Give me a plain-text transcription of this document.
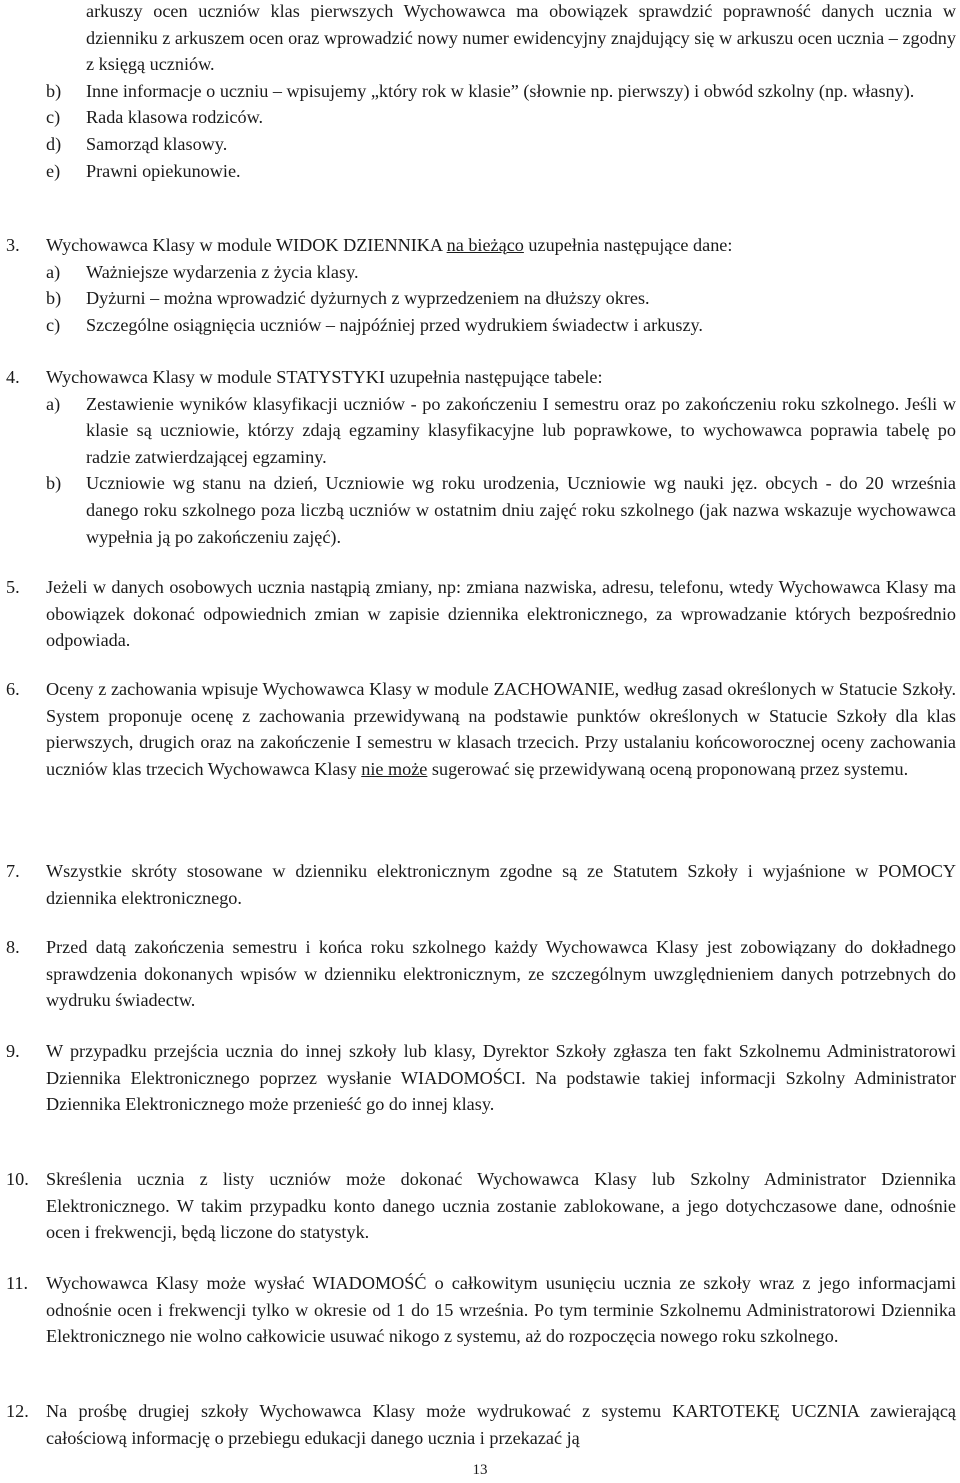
arkuszy ocen uczniów klas pierwszych Wychowawca ma obowiązek sprawdzić poprawność danych ucznia w dzienniku z arkuszem ocen oraz wprowadzić nowy numer ewidencyjny znajdujący się w arkuszu ocen ucznia – zgodny z księgą uczniów.
b) Inne informacje o uczniu – wpisujemy „który rok w klasie” (słownie np. pierwszy) i obwód szkolny (np. własny).
c) Rada klasowa rodziców.
d) Samorząd klasowy.
e) Prawni opiekunowie.
3. Wychowawca Klasy w module WIDOK DZIENNIKA na bieżąco uzupełnia następujące dane:
a) Ważniejsze wydarzenia z życia klasy.
b) Dyżurni – można wprowadzić dyżurnych z wyprzedzeniem na dłuższy okres.
c) Szczególne osiągnięcia uczniów – najpóźniej przed wydrukiem świadectw i arkuszy.
4. Wychowawca Klasy w module STATYSTYKI uzupełnia następujące tabele:
a) Zestawienie wyników klasyfikacji uczniów - po zakończeniu I semestru oraz po zakończeniu roku szkolnego. Jeśli w klasie są uczniowie, którzy zdają egzaminy klasyfikacyjne lub poprawkowe, to wychowawca poprawia tabelę po radzie zatwierdzającej egzaminy.
b) Uczniowie wg stanu na dzień, Uczniowie wg roku urodzenia, Uczniowie wg nauki jęz. obcych - do 20 września danego roku szkolnego poza liczbą uczniów w ostatnim dniu zajęć roku szkolnego (jak nazwa wskazuje wychowawca wypełnia ją po zakończeniu zajęć).
5. Jeżeli w danych osobowych ucznia nastąpią zmiany, np: zmiana nazwiska, adresu, telefonu, wtedy Wychowawca Klasy ma obowiązek dokonać odpowiednich zmian w zapisie dziennika elektronicznego, za wprowadzanie których bezpośrednio odpowiada.
6. Oceny z zachowania wpisuje Wychowawca Klasy w module ZACHOWANIE, według zasad określonych w Statucie Szkoły. System proponuje ocenę z zachowania przewidywaną na podstawie punktów określonych w Statucie Szkoły dla klas pierwszych, drugich oraz na zakończenie I semestru w klasach trzecich. Przy ustalaniu końcoworocznej oceny zachowania uczniów klas trzecich Wychowawca Klasy nie może sugerować się przewidywaną oceną proponowaną przez systemu.
7. Wszystkie skróty stosowane w dzienniku elektronicznym zgodne są ze Statutem Szkoły i wyjaśnione w POMOCY dziennika elektronicznego.
8. Przed datą zakończenia semestru i końca roku szkolnego każdy Wychowawca Klasy jest zobowiązany do dokładnego sprawdzenia dokonanych wpisów w dzienniku elektronicznym, ze szczególnym uwzględnieniem danych potrzebnych do wydruku świadectw.
9. W przypadku przejścia ucznia do innej szkoły lub klasy, Dyrektor Szkoły zgłasza ten fakt Szkolnemu Administratorowi Dziennika Elektronicznego poprzez wysłanie WIADOMOŚCI. Na podstawie takiej informacji Szkolny Administrator Dziennika Elektronicznego może przenieść go do innej klasy.
10. Skreślenia ucznia z listy uczniów może dokonać Wychowawca Klasy lub Szkolny Administrator Dziennika Elektronicznego. W takim przypadku konto danego ucznia zostanie zablokowane, a jego dotychczasowe dane, odnośnie ocen i frekwencji, będą liczone do statystyk.
11. Wychowawca Klasy może wysłać WIADOMOŚĆ o całkowitym usunięciu ucznia ze szkoły wraz z jego informacjami odnośnie ocen i frekwencji tylko w okresie od 1 do 15 września. Po tym terminie Szkolnemu Administratorowi Dziennika Elektronicznego nie wolno całkowicie usuwać nikogo z systemu, aż do rozpoczęcia nowego roku szkolnego.
12. Na prośbę drugiej szkoły Wychowawca Klasy może wydrukować z systemu KARTOTEKĘ UCZNIA zawierającą całościową informację o przebiegu edukacji danego ucznia i przekazać ją
13
